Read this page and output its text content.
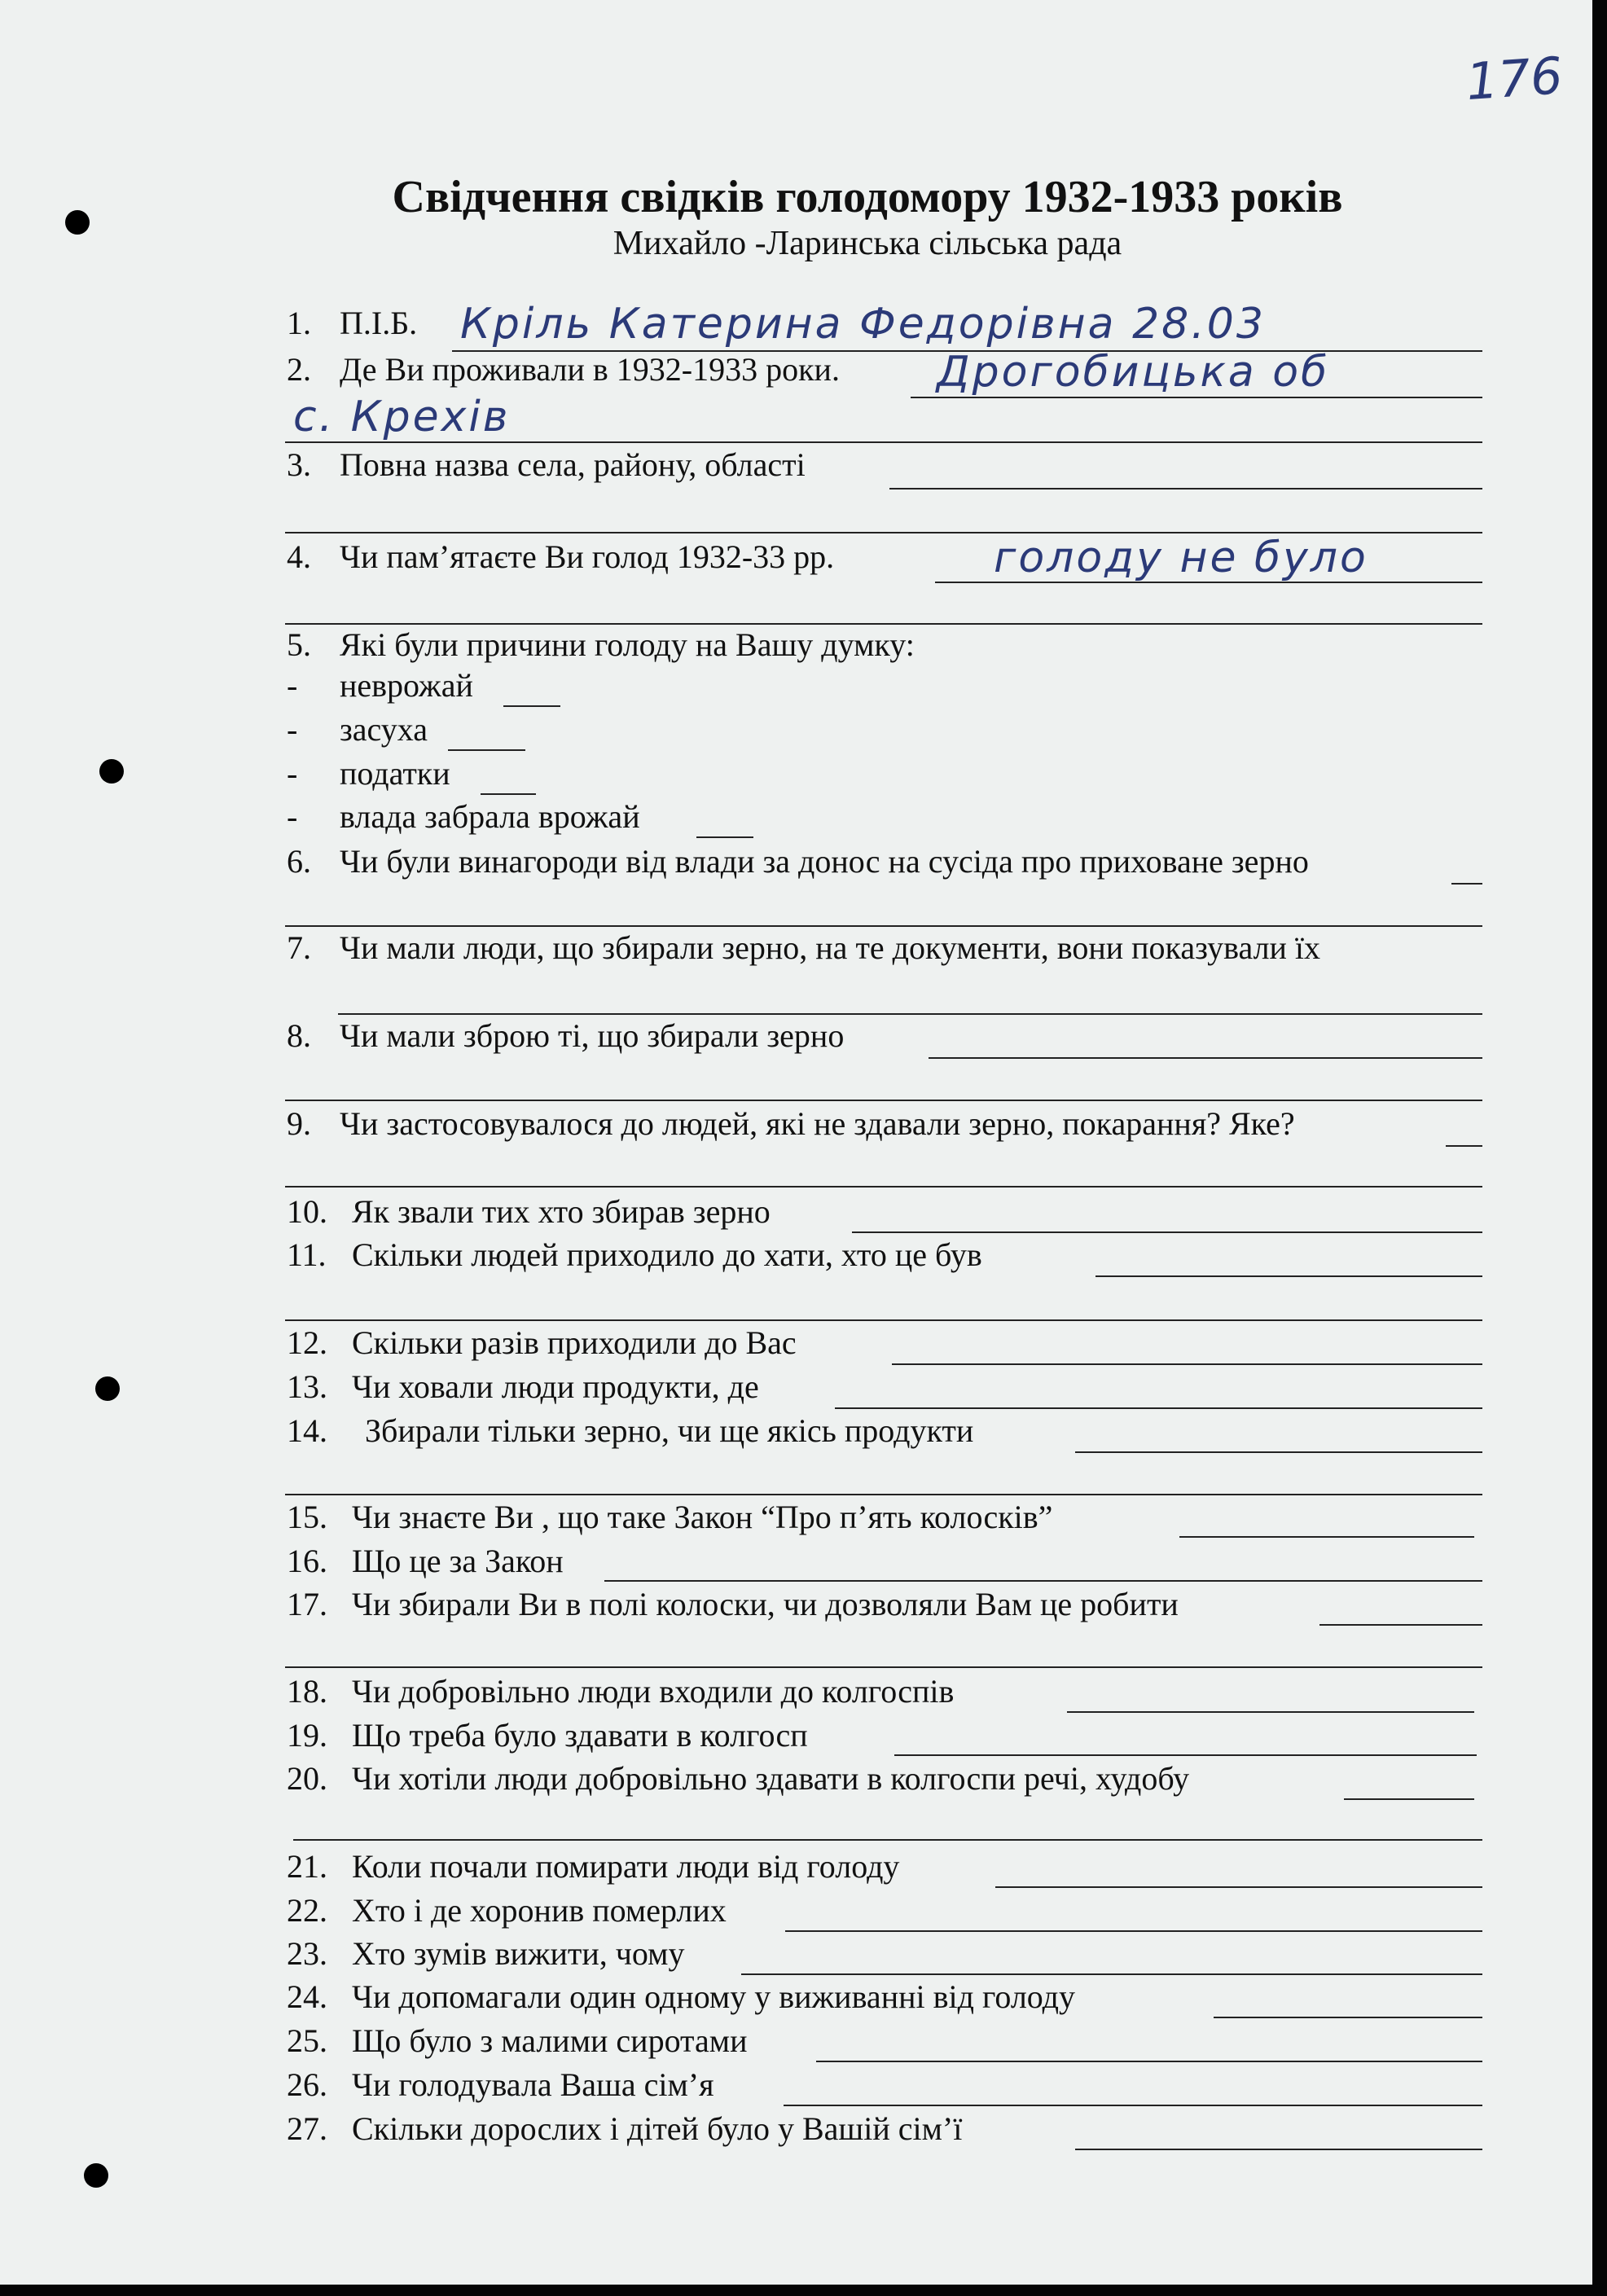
176
Свідчення свідків голодомору 1932-1933 років
Михайло -Ларинська сільська рада
1. П.І.Б. Кріль Катерина Федорівна 28.03
2. Де Ви проживали в 1932-1933 роки. Дрогобицька об
с. Крехів
3. Повна назва села, району, області
4. Чи пам’ятаєте Ви голод 1932-33 рр.	голоду не було
5. Які були причини голоду на Вашу думку:
- неврожай
- засуха
- податки
- влада забрала врожай
6. Чи були винагороди від влади за донос на сусіда про приховане зерно
7. Чи мали люди, що збирали зерно, на те документи, вони показували їх
8. Чи мали зброю ті, що збирали зерно
9. Чи застосовувалося до людей, які не здавали зерно, покарання? Яке?
10. Як звали тих хто збирав зерно
11. Скільки людей приходило до хати, хто це був
12. Скільки разів приходили до Вас
13. Чи ховали люди продукти, де
14. Збирали тільки зерно, чи ще якісь продукти
15. Чи знаєте Ви , що таке Закон “Про п’ять колосків”
16. Що це за Закон
17. Чи збирали Ви в полі колоски, чи дозволяли Вам це робити
18. Чи добровільно люди входили до колгоспів
19. Що треба було здавати в колгосп
20. Чи хотіли люди добровільно здавати в колгоспи речі, худобу
21. Коли почали помирати люди від голоду
22. Хто і де хоронив померлих
23. Хто зумів вижити, чому
24. Чи допомагали один одному у виживанні від голоду
25. Що було з малими сиротами
26. Чи голодувала Ваша сім’я
27. Скільки дорослих і дітей було у Вашій сім’ї
